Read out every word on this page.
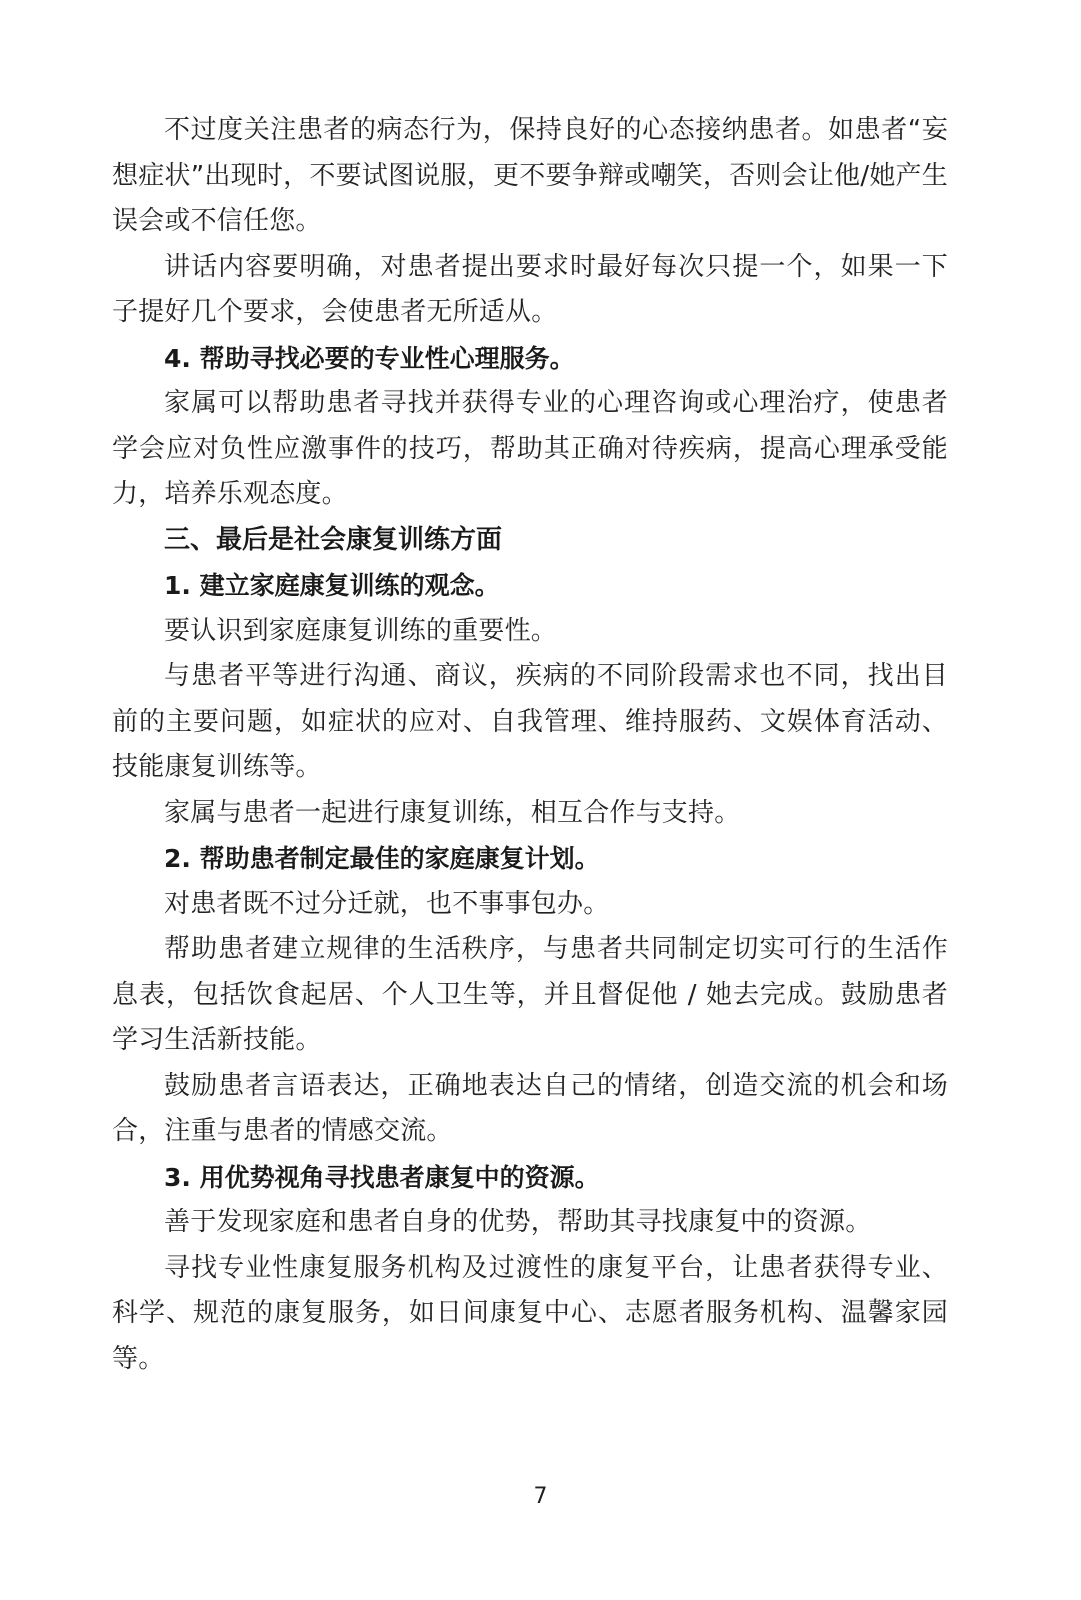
不过度关注患者的病态行为，保持良好的心态接纳患者。如患者“妄想症状”出现时，不要试图说服，更不要争辩或嘲笑，否则会让他/她产生误会或不信任您。

讲话内容要明确，对患者提出要求时最好每次只提一个，如果一下子提好几个要求，会使患者无所适从。

4. 帮助寻找必要的专业性心理服务。

家属可以帮助患者寻找并获得专业的心理咨询或心理治疗，使患者学会应对负性应激事件的技巧，帮助其正确对待疾病，提高心理承受能力，培养乐观态度。

三、最后是社会康复训练方面

1. 建立家庭康复训练的观念。

要认识到家庭康复训练的重要性。

与患者平等进行沟通、商议，疾病的不同阶段需求也不同，找出目前的主要问题，如症状的应对、自我管理、维持服药、文娱体育活动、技能康复训练等。

家属与患者一起进行康复训练，相互合作与支持。

2. 帮助患者制定最佳的家庭康复计划。

对患者既不过分迁就，也不事事包办。

帮助患者建立规律的生活秩序，与患者共同制定切实可行的生活作息表，包括饮食起居、个人卫生等，并且督促他 / 她去完成。鼓励患者学习生活新技能。

鼓励患者言语表达，正确地表达自己的情绪，创造交流的机会和场合，注重与患者的情感交流。

3. 用优势视角寻找患者康复中的资源。

善于发现家庭和患者自身的优势，帮助其寻找康复中的资源。

寻找专业性康复服务机构及过渡性的康复平台，让患者获得专业、科学、规范的康复服务，如日间康复中心、志愿者服务机构、温馨家园等。

7
